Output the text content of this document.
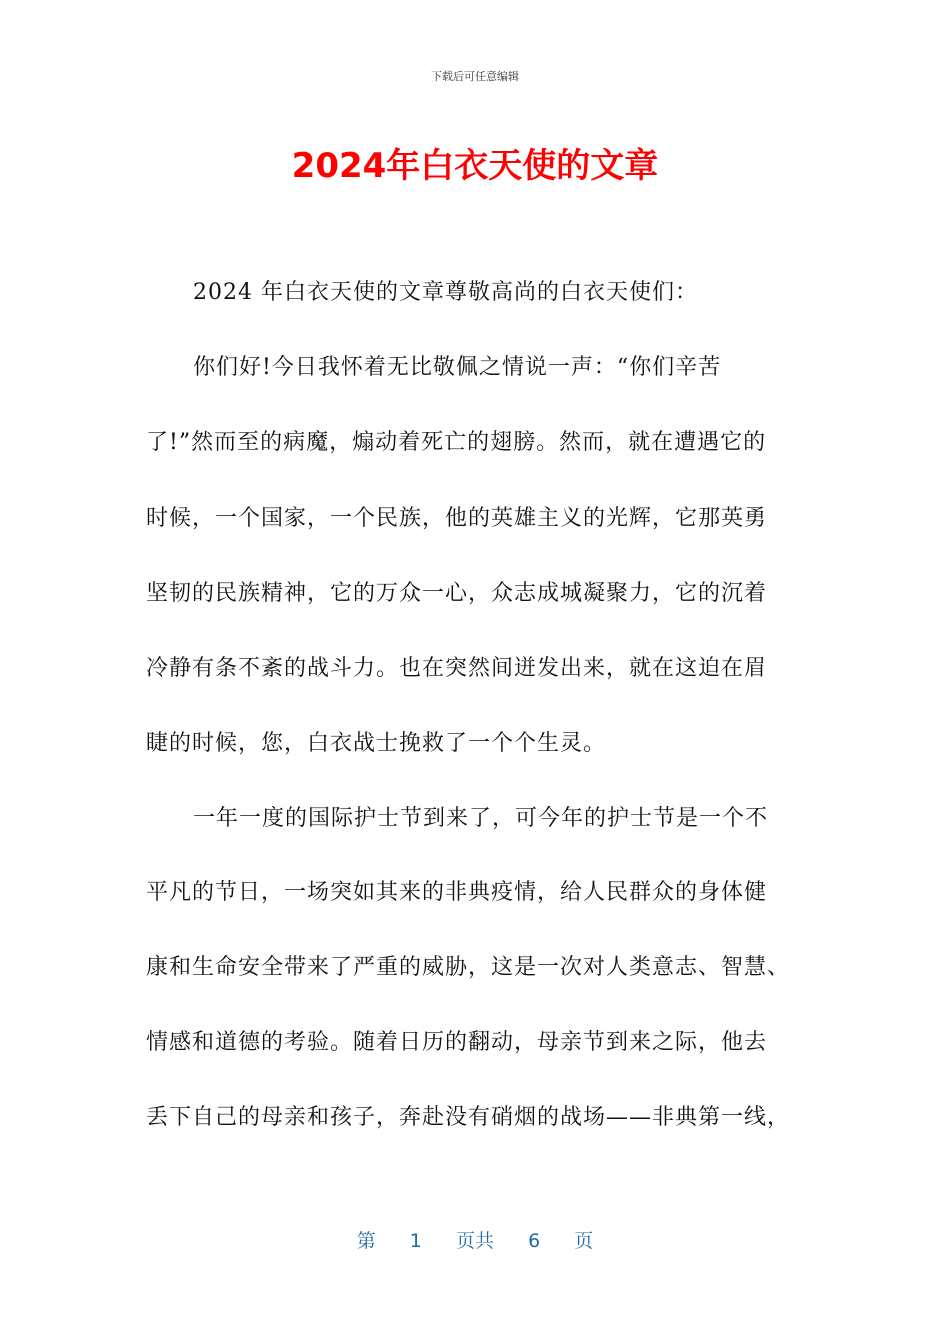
下载后可任意编辑
2024年白衣天使的文章
2024 年白衣天使的文章尊敬高尚的白衣天使们：
你们好!今日我怀着无比敬佩之情说一声：“你们辛苦
了!”然而至的病魔，煽动着死亡的翅膀。然而，就在遭遇它的
时候，一个国家，一个民族，他的英雄主义的光辉，它那英勇
坚韧的民族精神，它的万众一心，众志成城凝聚力，它的沉着
冷静有条不紊的战斗力。也在突然间迸发出来，就在这迫在眉
睫的时候，您，白衣战士挽救了一个个生灵。
一年一度的国际护士节到来了，可今年的护士节是一个不
平凡的节日，一场突如其来的非典疫情，给人民群众的身体健
康和生命安全带来了严重的威胁，这是一次对人类意志、智慧、
情感和道德的考验。随着日历的翻动，母亲节到来之际，他去
丢下自己的母亲和孩子，奔赴没有硝烟的战场——非典第一线，
第 1 页共 6 页
